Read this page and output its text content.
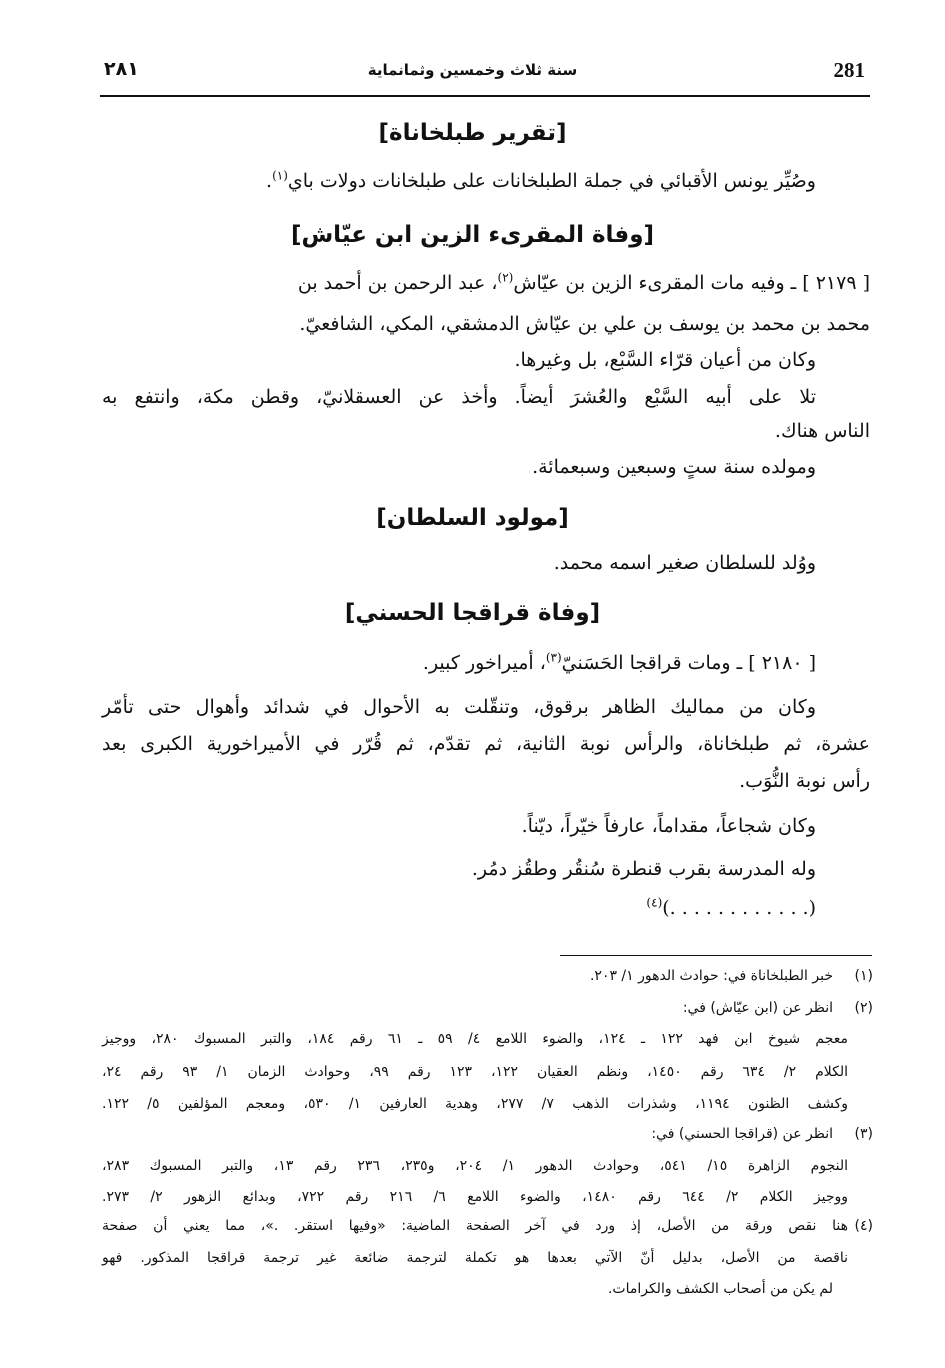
281
سنة ثلاث وخمسين وثمانماية
٢٨١
[تقرير طبلخاناة]
وصُيِّر يونس الأقبائي في جملة الطبلخانات على طبلخانات دولات باي$^{(١)}$.
[وفاة المقرىء الزين ابن عيّاش]
[ ٢١٧٩ ] ـ وفيه مات المقرىء الزين بن عيّاش$^{(٢)}$، عبد الرحمن بن أحمد بن
محمد بن محمد بن يوسف بن علي بن عيّاش الدمشقي، المكي، الشافعيّ.
وكان من أعيان قرّاء السَّبْع، بل وغيرها.
تلا على أبيه السَّبْع والعُشرَ أيضاً. وأخذ عن العسقلانيّ، وقطن مكة، وانتفع به
الناس هناك.
ومولده سنة ستٍ وسبعين وسبعمائة.
[مولود السلطان]
ووُلد للسلطان صغير اسمه محمد.
[وفاة قراقجا الحسني]
[ ٢١٨٠ ] ـ ومات قراقجا الحَسَنيّ$^{(٣)}$، أميراخور كبير.
وكان من مماليك الظاهر برقوق، وتنقّلت به الأحوال في شدائد وأهوال حتى تأمّر
عشرة، ثم طبلخاناة، والرأس نوبة الثانية، ثم تقدّم، ثم قُرّر في الأميراخورية الكبرى بعد
رأس نوبة النُّوَب.
وكان شجاعاً، مقداماً، عارفاً خيّراً، ديّناً.
وله المدرسة بقرب قنطرة سُنقُر وطقُز دمُر.
(. . . . . . . . . . . .)$^{(٤)}$
(١)
خبر الطبلخاناة في: حوادث الدهور ١/ ٢٠٣.
(٢)
انظر عن (ابن عيّاش) في:
معجم شيوخ ابن فهد ١٢٢ ـ ١٢٤، والضوء اللامع ٤/ ٥٩ ـ ٦١ رقم ١٨٤، والتبر المسبوك ٢٨٠، ووجيز
الكلام ٢/ ٦٣٤ رقم ١٤٥٠، ونظم العقيان ١٢٢، ١٢٣ رقم ٩٩، وحوادث الزمان ١/ ٩٣ رقم ٢٤،
وكشف الظنون ١١٩٤، وشذرات الذهب ٧/ ٢٧٧، وهدية العارفين ١/ ٥٣٠، ومعجم المؤلفين ٥/ ١٢٢.
(٣)
انظر عن (قراقجا الحسني) في:
النجوم الزاهرة ١٥/ ٥٤١، وحوادث الدهور ١/ ٢٠٤، و٢٣٥، ٢٣٦ رقم ١٣، والتبر المسبوك ٢٨٣،
ووجيز الكلام ٢/ ٦٤٤ رقم ١٤٨٠، والضوء اللامع ٦/ ٢١٦ رقم ٧٢٢، وبدائع الزهور ٢/ ٢٧٣.
(٤)
هنا نقص ورقة من الأصل، إذ ورد في آخر الصفحة الماضية: «وفيها استقر. .»، مما يعني أن صفحة
ناقصة من الأصل، بدليل أنّ الآتي بعدها هو تكملة لترجمة ضائعة غير ترجمة قراقجا المذكور. فهو
لم يكن من أصحاب الكشف والكرامات.
